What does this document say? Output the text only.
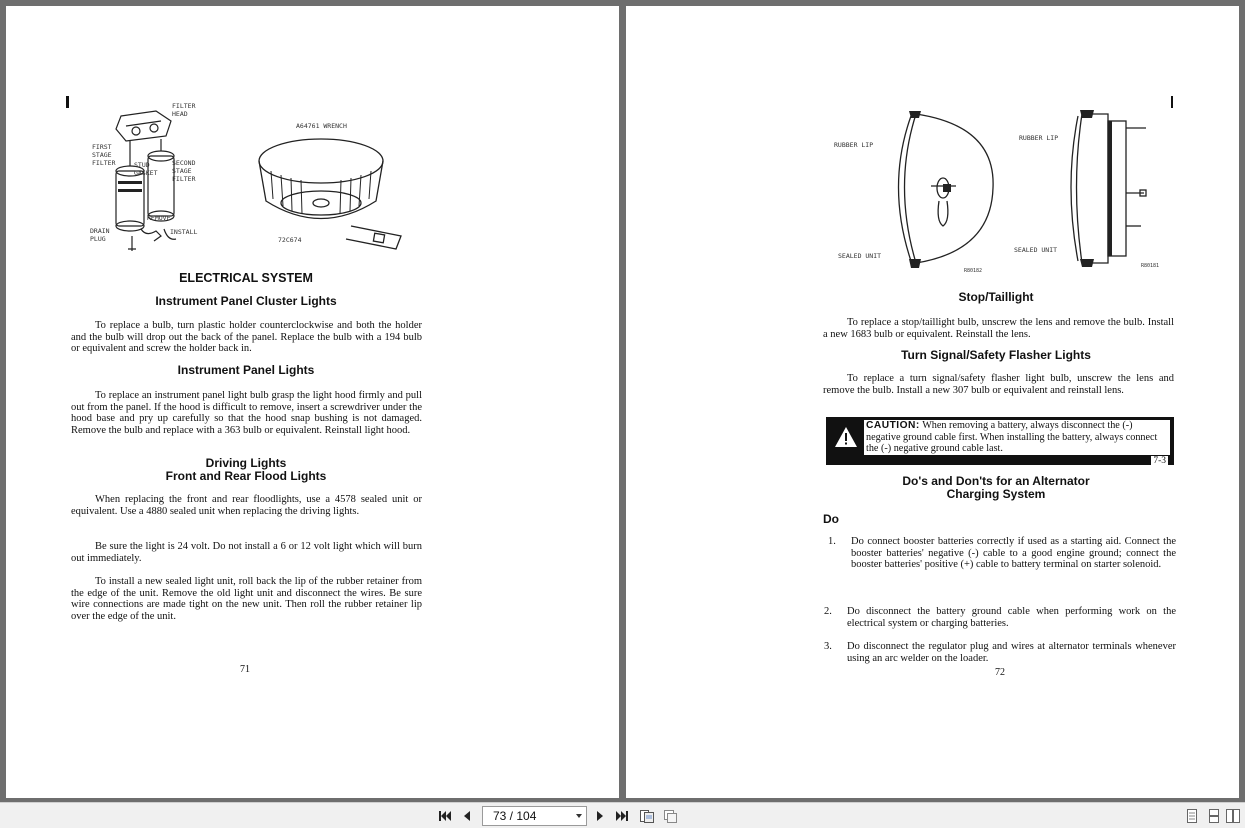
FILTER
HEAD
FIRST
STAGE
FILTER	STUD
GASKET
SECOND
STAGE
FILTER
REMOVE
INSTALL
DRAIN
PLUG
A64761 WRENCH
72C674
ELECTRICAL SYSTEM
Instrument Panel Cluster Lights
To replace a bulb, turn plastic holder counterclockwise and both the holder and the bulb will drop out the back of the panel. Replace the bulb with a 194 bulb or equivalent and screw the holder back in.
Instrument Panel Lights
To replace an instrument panel light bulb grasp the light hood firmly and pull out from the panel. If the hood is difficult to remove, insert a screwdriver under the hood base and pry up carefully so that the hood snap bushing is not damaged. Remove the bulb and replace with a 363 bulb or equivalent. Reinstall light hood.
Driving Lights
Front and Rear Flood Lights
When replacing the front and rear floodlights, use a 4578 sealed unit or equivalent. Use a 4880 sealed unit when replacing the driving lights.
Be sure the light is 24 volt. Do not install a 6 or 12 volt light which will burn out immediately.
To install a new sealed light unit, roll back the lip of the rubber retainer from the edge of the unit. Remove the old light unit and disconnect the wires. Be sure wire connections are made tight on the new unit. Then roll the rubber retainer lip over the edge of the unit.
71
RUBBER LIP
SEALED UNIT
R80182
RUBBER LIP
SEALED UNIT
R80181
Stop/Taillight
To replace a stop/taillight bulb, unscrew the lens and remove the bulb. Install a new 1683 bulb or equivalent. Reinstall the lens.
Turn Signal/Safety Flasher Lights
To replace a turn signal/safety flasher light bulb, unscrew the lens and remove the bulb. Install a new 307 bulb or equivalent and reinstall lens.
CAUTION: When removing a battery, always disconnect the (-) negative ground cable first. When installing the battery, always connect the (-) negative ground cable last.
7-3
Do's and Don'ts for an Alternator Charging System
Do
1. Do connect booster batteries correctly if used as a starting aid. Connect the booster batteries' negative (-) cable to a good engine ground; connect the booster batteries' positive (+) cable to battery terminal on starter solenoid.
2. Do disconnect the battery ground cable when performing work on the electrical system or charging batteries.
3. Do disconnect the regulator plug and wires at alternator terminals whenever using an arc welder on the loader.
72
73 / 104
